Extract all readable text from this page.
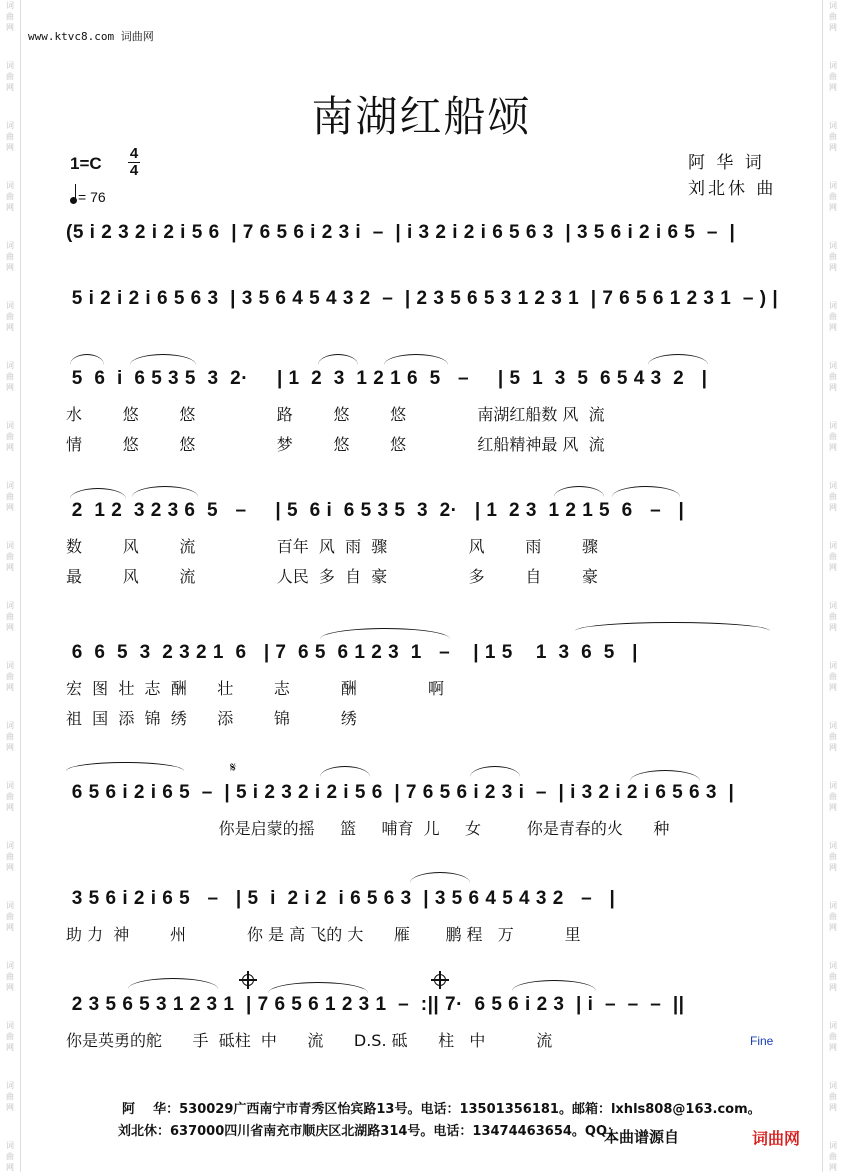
词
曲
网
词
曲
网
词
曲
网
词
曲
网
词
曲
网
词
曲
网
词
曲
网
词
曲
网
词
曲
网
词
曲
网
词
曲
网
词
曲
网
词
曲
网
词
曲
网
词
曲
网
词
曲
网
词
曲
网
词
曲
网
词
曲
网
词
曲
网
词
曲
网
词
曲
网
词
曲
网
词
曲
网
词
曲
网
词
曲
网
词
曲
网
词
曲
网
词
曲
网
词
曲
网
词
曲
网
词
曲
网
词
曲
网
词
曲
网
词
曲
网
词
曲
网
词
曲
网
词
曲
网
词
曲
网
词
曲
网
www.ktvc8.com 词曲网
南湖红船颂
1=C
4
4
= 76
阿 华 词
刘北休 曲
(5 i 2 3 2 i 2 i 5 6  | 7 6 5 6 i 2 3 i  –  | i 3 2 i 2 i 6 5 6 3  | 3 5 6 i 2 i 6 5  –  |
5 i 2 i 2 i 6 5 6 3  | 3 5 6 4 5 4 3 2  –  | 2 3 5 6 5 3 1 2 3 1  | 7 6 5 6 1 2 3 1  – ) |
5  6  i  6 5 3 5  3  2·     | 1  2  3  1 2 1 6  5   –     | 5  1  3  5  6 5 4 3  2   |
水        悠        悠                路        悠        悠              南湖红船数 风  流
情        悠        悠                梦        悠        悠              红船精神最 风  流
2  1 2  3 2 3 6  5   –     | 5  6 i  6 5 3 5  3  2·   | 1  2 3  1 2 1 5  6   –   |
数        风        流                百年  风  雨  骤                风        雨        骤
最        风        流                人民  多  自  豪                多        自        豪
6  6  5  3  2 3 2 1  6   | 7  6 5  6 1 2 3  1   –    | 1 5    1  3  6  5   |
宏  图  壮  志  酬      壮        志          酬              啊
祖  国  添  锦  绣      添        锦          绣
6 5 6 i 2 i 6 5  –  | 5 i 2 3 2 i 2 i 5 6  | 7 6 5 6 i 2 3 i  –  | i 3 2 i 2 i 6 5 6 3  |
你是启蒙的摇     篮     哺育  儿     女         你是青春的火      种
3 5 6 i 2 i 6 5   –   | 5  i  2 i 2  i 6 5 6 3  | 3 5 6 4 5 4 3 2   –   |
助 力  神        州            你 是 高 飞的 大      雁       鹏 程   万          里
2 3 5 6 5 3 1 2 3 1  | 7 6 5 6 1 2 3 1  –  :|| 7·  6 5 6 i 2 3  | i  –  –  –  ||
你是英勇的舵      手  砥柱  中      流      D.S. 砥      柱   中          流
𝄋
Fine
阿    华：530029广西南宁市青秀区怡宾路13号。电话：13501356181。邮箱：lxhls808@163.com。
刘北休：637000四川省南充市顺庆区北湖路314号。电话：13474463654。QQ：
本曲谱源自	词曲网
